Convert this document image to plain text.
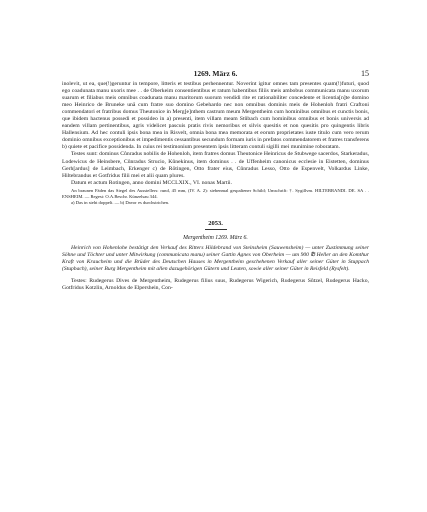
1269. März 6.	15

inolevit, ut ea, que(!)geruntur in tempore, litteris et testibus perhennentur. Noverint igitur omnes tam presentes quam(!)futuri, quod ego coadunata manu uxoris mee . . de Oberkeim consentientibus et ratum habentibus filiis meis ambobus communicata manu uxorum suarum et filiabus meis omnibus coadunata manu maritorum suorum vendidi rite et rationabiliter concedente et licentia[n]te domino meo Heinrico de Bruneke unā cum fratre suo domino Gebehardo nec non omnibus dominis meis de Hohenloh fratri Craftoni commendatori et fratribus domus Theutonice in Merg[e]nthem castrum meum Mergentheim cum hominibus omnibus et cunctis bonis, que ibidem hactenus possedi et possideo in a) presenti, item villam meam Stůbach cum hominibus omnibus et bonis universis ad eandem villam pertinentibus, agris videlicet pascuis pratis rivis nemoribus et silvis quesitis et non quesitis pro quingentis libris Hallensium. Ad hec contuli ipsis bona mea in Risvelt, omnia bona mea memorata et eorum proprietates iuste titulo cum vero rerum dominio omnibus exceptionibus et impedimentis cessantibus secundum formam iuris in prefatos commendatorem et fratres transferens b) quiete et pacifice possidenda. In cuius rei testimonium presentem ipsis litteram contuli sigilli mei munimine roboratam.

Testes sunt: dominus Cůnradus nobilis de Hohenloh, item fratres domus Theutonice Heinricus de Stubwege sacerdos, Starkeradus, Lodewicus de Heinsbere, Cůnradus Strucio, Kůnekinus, item dominus . . de Uffenheim canonicus ecclesie in Eistetten, dominus Gerh[ardus] de Leimbach, Erkenger c) de Rötingen, Otto frater eius, Cůnradus Lesso, Otto de Espenvelt, Volkardus Linke, Hiltebrandus et Gotfridus filii mei et alii quam plures.

Datum et actum Rotingen, anno domini MCCLXIX., VI. nonas Martii.

An braunen Fäden das Siegel des Ausstellers: rund, 45 mm, (IV. A. 2): siebenmal gespaltener Schild; Umschrift: †. Sygillvm. HILTEBRANDI. DE. SA . . ENSHEIM. — Regest: O.A.Beschr. Künzelsau 344.

a) Das in steht doppelt. — b) Davor es durchstrichen.

2053.
Mergentheim 1269. März 6.

Heinrich von Hohenlohe bestätigt den Verkauf des Ritters Hildebrand von Steinsheim (Sauwensheim) — unter Zustimmung seiner Söhne und Töchter und unter Mitwirkung (communicata manu) seiner Gattin Agnes von Oberheim — um 900 ℔ Heller an den Komthur Kraft von Kraucheim und die Brüder des Deutschen Hauses in Mergentheim geschehenen Verkauf aller seiner Güter in Stuppach (Stupbach), seiner Burg Mergentheim mit allen dazugehörigen Gütern und Leuten, sowie aller seiner Güter in Reisfeld (Rysfelt).

Testes: Rudegerus Dives de Mergentheim, Rudegerus filius suus, Rudegerus Wigerich, Rudegerus Sůtzel, Rudegerus Hacko, Gotfridus Kotzlin, Arnoldus de Elpershein, Con-
